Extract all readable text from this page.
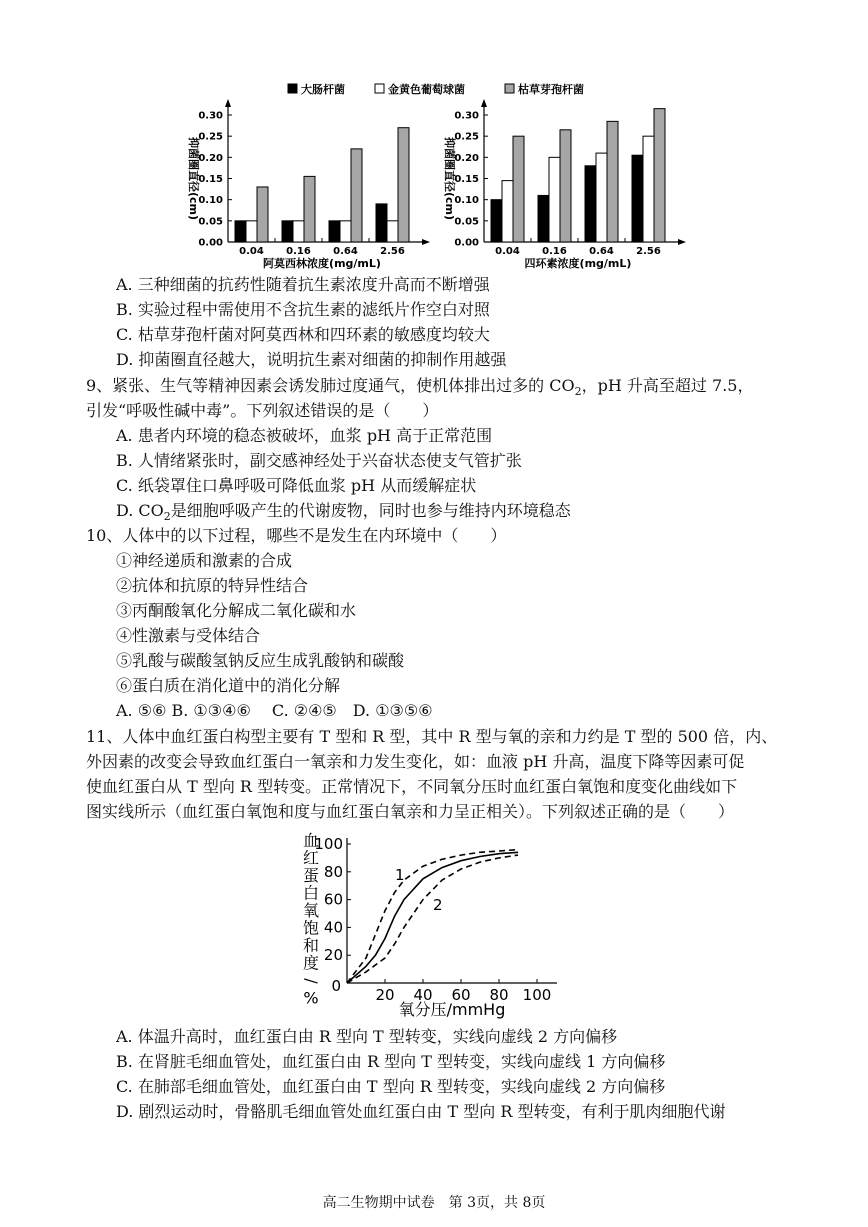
大肠杆菌	金黄色葡萄球菌	枯草芽孢杆菌
0.00
0.05
0.10
0.15
0.20
0.25
0.30
抑菌圈直径(cm)
0.04 0.16 0.64 2.56
阿莫西林浓度(mg/mL)
0.00
0.05
0.10
0.15
0.20
0.25
0.30
抑菌圈直径(cm)
0.04 0.16 0.64 2.56
四环素浓度(mg/mL)
A. 三种细菌的抗药性随着抗生素浓度升高而不断增强
B. 实验过程中需使用不含抗生素的滤纸片作空白对照
C. 枯草芽孢杆菌对阿莫西林和四环素的敏感度均较大
D. 抑菌圈直径越大，说明抗生素对细菌的抑制作用越强
9、紧张、生气等精神因素会诱发肺过度通气，使机体排出过多的 $CO_2$，pH 升高至超过 7.5，
引发“呼吸性碱中毒”。下列叙述错误的是（　　）
A. 患者内环境的稳态被破坏，血浆 pH 高于正常范围
B. 人情绪紧张时，副交感神经处于兴奋状态使支气管扩张
C. 纸袋罩住口鼻呼吸可降低血浆 pH 从而缓解症状
D. $CO_2$是细胞呼吸产生的代谢废物，同时也参与维持内环境稳态
10、人体中的以下过程，哪些不是发生在内环境中（　　）
①神经递质和激素的合成
②抗体和抗原的特异性结合
③丙酮酸氧化分解成二氧化碳和水
④性激素与受体结合
⑤乳酸与碳酸氢钠反应生成乳酸钠和碳酸
⑥蛋白质在消化道中的消化分解
A. ⑤⑥ B. ①③④⑥　 C. ②④⑤　D. ①③⑤⑥
11、人体中血红蛋白构型主要有 T 型和 R 型，其中 R 型与氧的亲和力约是 T 型的 500 倍，内、
外因素的改变会导致血红蛋白一氧亲和力发生变化，如：血液 pH 升高，温度下降等因素可促
使血红蛋白从 T 型向 R 型转变。正常情况下，不同氧分压时血红蛋白氧饱和度变化曲线如下
图实线所示（血红蛋白氧饱和度与血红蛋白氧亲和力呈正相关）。下列叙述正确的是（　　）
0 20 40 60 80 100
20
40
60
80
100
血
红
蛋
白
氧
饱
和
度
/
%
氧分压/mmHg
1
2
A. 体温升高时，血红蛋白由 R 型向 T 型转变，实线向虚线 2 方向偏移
B. 在肾脏毛细血管处，血红蛋白由 R 型向 T 型转变，实线向虚线 1 方向偏移
C. 在肺部毛细血管处，血红蛋白由 T 型向 R 型转变，实线向虚线 2 方向偏移
D. 剧烈运动时，骨骼肌毛细血管处血红蛋白由 T 型向 R 型转变，有利于肌肉细胞代谢
高二生物期中试卷　第 3页，共 8页
